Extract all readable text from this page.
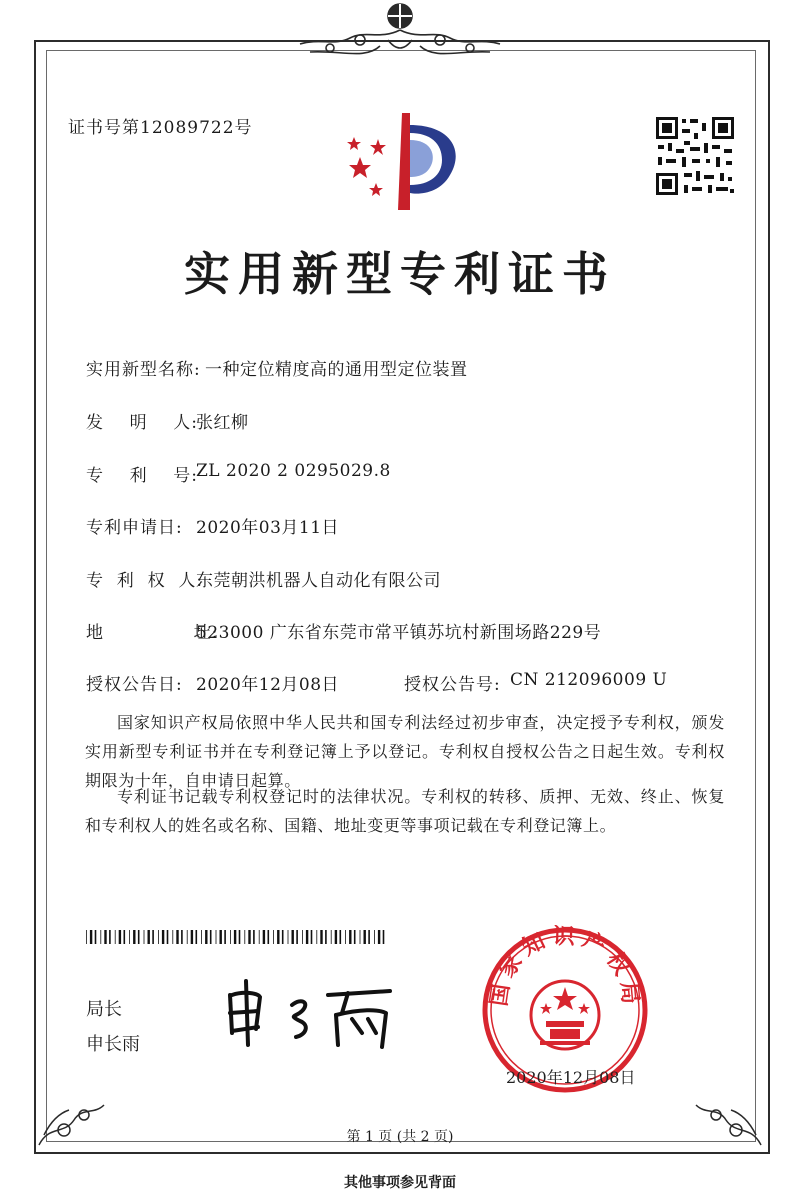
证书号第12089722号
实用新型专利证书
实用新型名称: 一种定位精度高的通用型定位装置
发    明    人:
张红柳
专    利    号:
ZL 2020 2 0295029.8
专利申请日: 2020年03月11日
专  利  权  人:
东莞朝洪机器人自动化有限公司
地              址:
523000 广东省东莞市常平镇苏坑村新围场路229号
授权公告日: 2020年12月08日	授权公告号: CN 212096009 U
国家知识产权局依照中华人民共和国专利法经过初步审查，决定授予专利权，颁发实用新型专利证书并在专利登记簿上予以登记。专利权自授权公告之日起生效。专利权期限为十年，自申请日起算。
专利证书记载专利权登记时的法律状况。专利权的转移、质押、无效、终止、恢复和专利权人的姓名或名称、国籍、地址变更等事项记载在专利登记簿上。
局长
申长雨
国家知识产权局
2020年12月08日
第 1 页 (共 2 页)
其他事项参见背面
